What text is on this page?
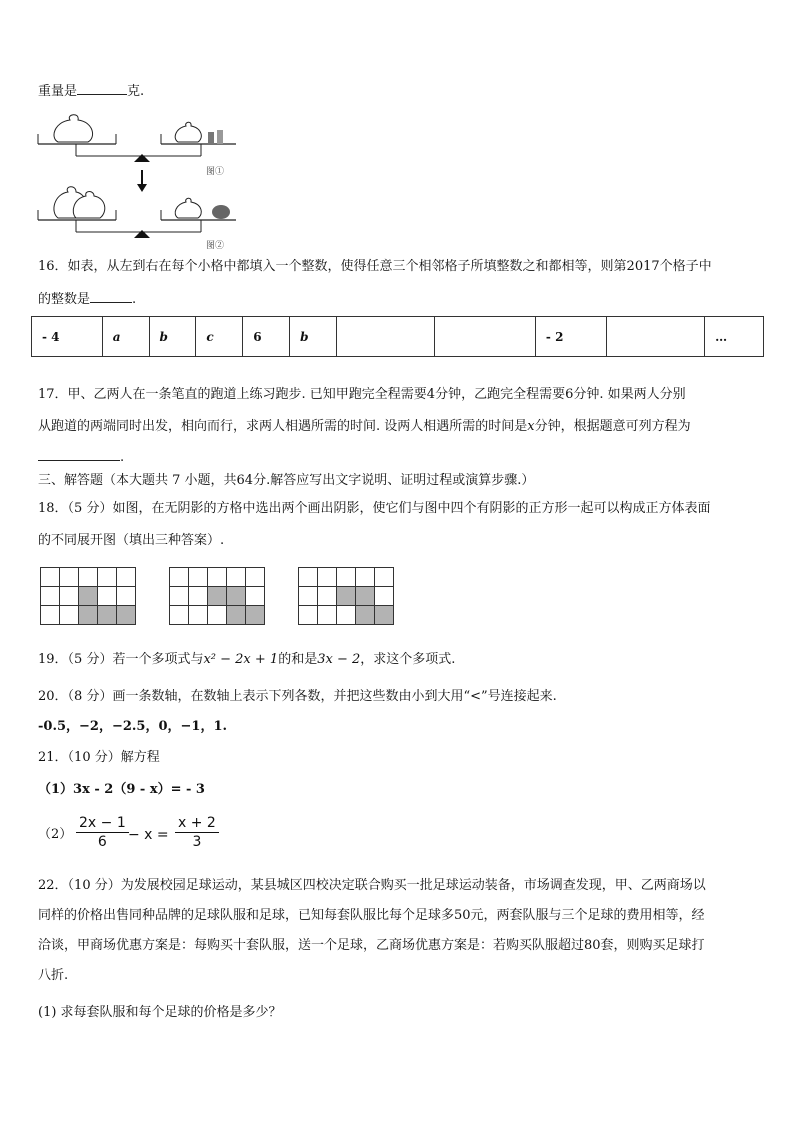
重量是	克.
图①
图②
16．如表，从左到右在每个小格中都填入一个整数，使得任意三个相邻格子所填整数之和都相等，则第2017个格子中
的整数是	.
- 4	a	b	c	6	b			- 2		…
17．甲、乙两人在一条笔直的跑道上练习跑步. 已知甲跑完全程需要4分钟，乙跑完全程需要6分钟. 如果两人分别
从跑道的两端同时出发，相向而行，求两人相遇所需的时间. 设两人相遇所需的时间是x分钟，根据题意可列方程为
.
三、解答题（本大题共 7 小题，共64分.解答应写出文字说明、证明过程或演算步骤.）
18．（5 分）如图，在无阴影的方格中选出两个画出阴影，使它们与图中四个有阴影的正方形一起可以构成正方体表面
的不同展开图（填出三种答案）.

19．（5 分）若一个多项式与x² − 2x + 1的和是3x − 2，求这个多项式.
20．（8 分）画一条数轴，在数轴上表示下列各数，并把这些数由小到大用“<”号连接起来.
-0.5，−2，−2.5，0，−1，1.
21．（10 分）解方程
（1）3x - 2（9 - x）= - 3
$(2) \frac{2x - 1}{6} - x = \frac{x + 2}{3}$
22．（10 分）为发展校园足球运动，某县城区四校决定联合购买一批足球运动装备，市场调查发现，甲、乙两商场以
同样的价格出售同种品牌的足球队服和足球，已知每套队服比每个足球多50元，两套队服与三个足球的费用相等，经
洽谈，甲商场优惠方案是：每购买十套队服，送一个足球，乙商场优惠方案是：若购买队服超过80套，则购买足球打
八折.
(1) 求每套队服和每个足球的价格是多少？
